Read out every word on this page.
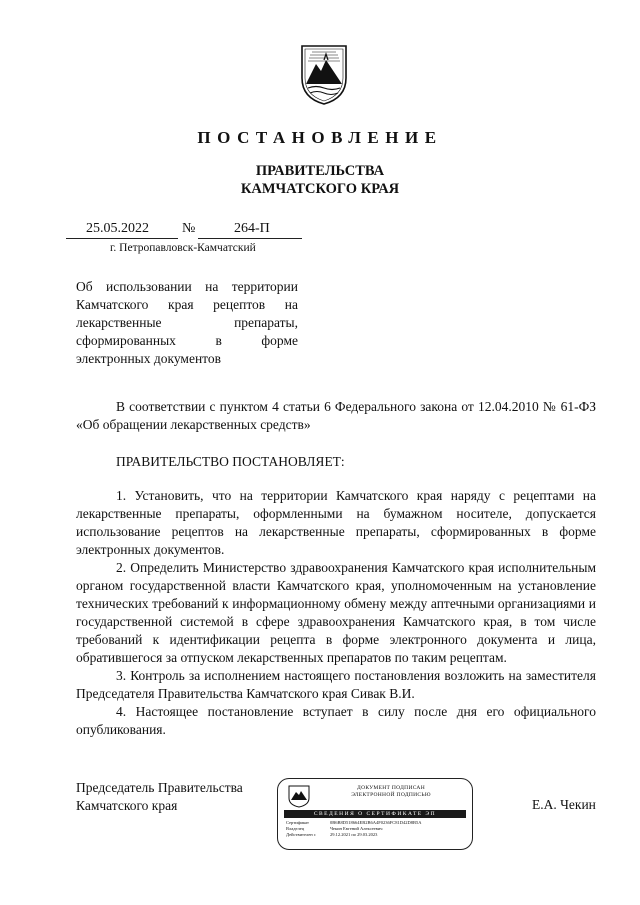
ПОСТАНОВЛЕНИЕ
ПРАВИТЕЛЬСТВА
КАМЧАТСКОГО КРАЯ
25.05.2022 №	264-П
г. Петропавловск-Камчатский
Об использовании на территории
Камчатского края рецептов на
лекарственные препараты,
сформированных в форме
электронных документов

В соответствии с пунктом 4 статьи 6 Федерального закона от 12.04.2010 № 61-ФЗ «Об обращении лекарственных средств»

ПРАВИТЕЛЬСТВО ПОСТАНОВЛЯЕТ:

1. Установить, что на территории Камчатского края наряду с рецептами на лекарственные препараты, оформленными на бумажном носителе, допускается использование рецептов на лекарственные препараты, сформированных в форме электронных документов.

2. Определить Министерство здравоохранения Камчатского края исполнительным органом государственной власти Камчатского края, уполномоченным на установление технических требований к информационному обмену между аптечными организациями и государственной системой в сфере здравоохранения Камчатского края, в том числе требований к идентификации рецепта в форме электронного документа и лица, обратившегося за отпуском лекарственных препаратов по таким рецептам.

3. Контроль за исполнением настоящего постановления возложить на заместителя Председателя Правительства Камчатского края Сивак В.И.

4. Настоящее постановление вступает в силу после дня его официального опубликования.

Председатель Правительства
Камчатского края
ДОКУМЕНТ ПОДПИСАН
ЭЛЕКТРОННОЙ ПОДПИСЬЮ
СВЕДЕНИЯ О СЕРТИФИКАТЕ ЭП
Сертификат	0B6B8D518664EB2B6A4F0236FC81D42D8B5A
Владелец	Чекин Евгений Алексеевич
Действителен с	29.12.2021 по 29.03.2023
Е.А. Чекин
